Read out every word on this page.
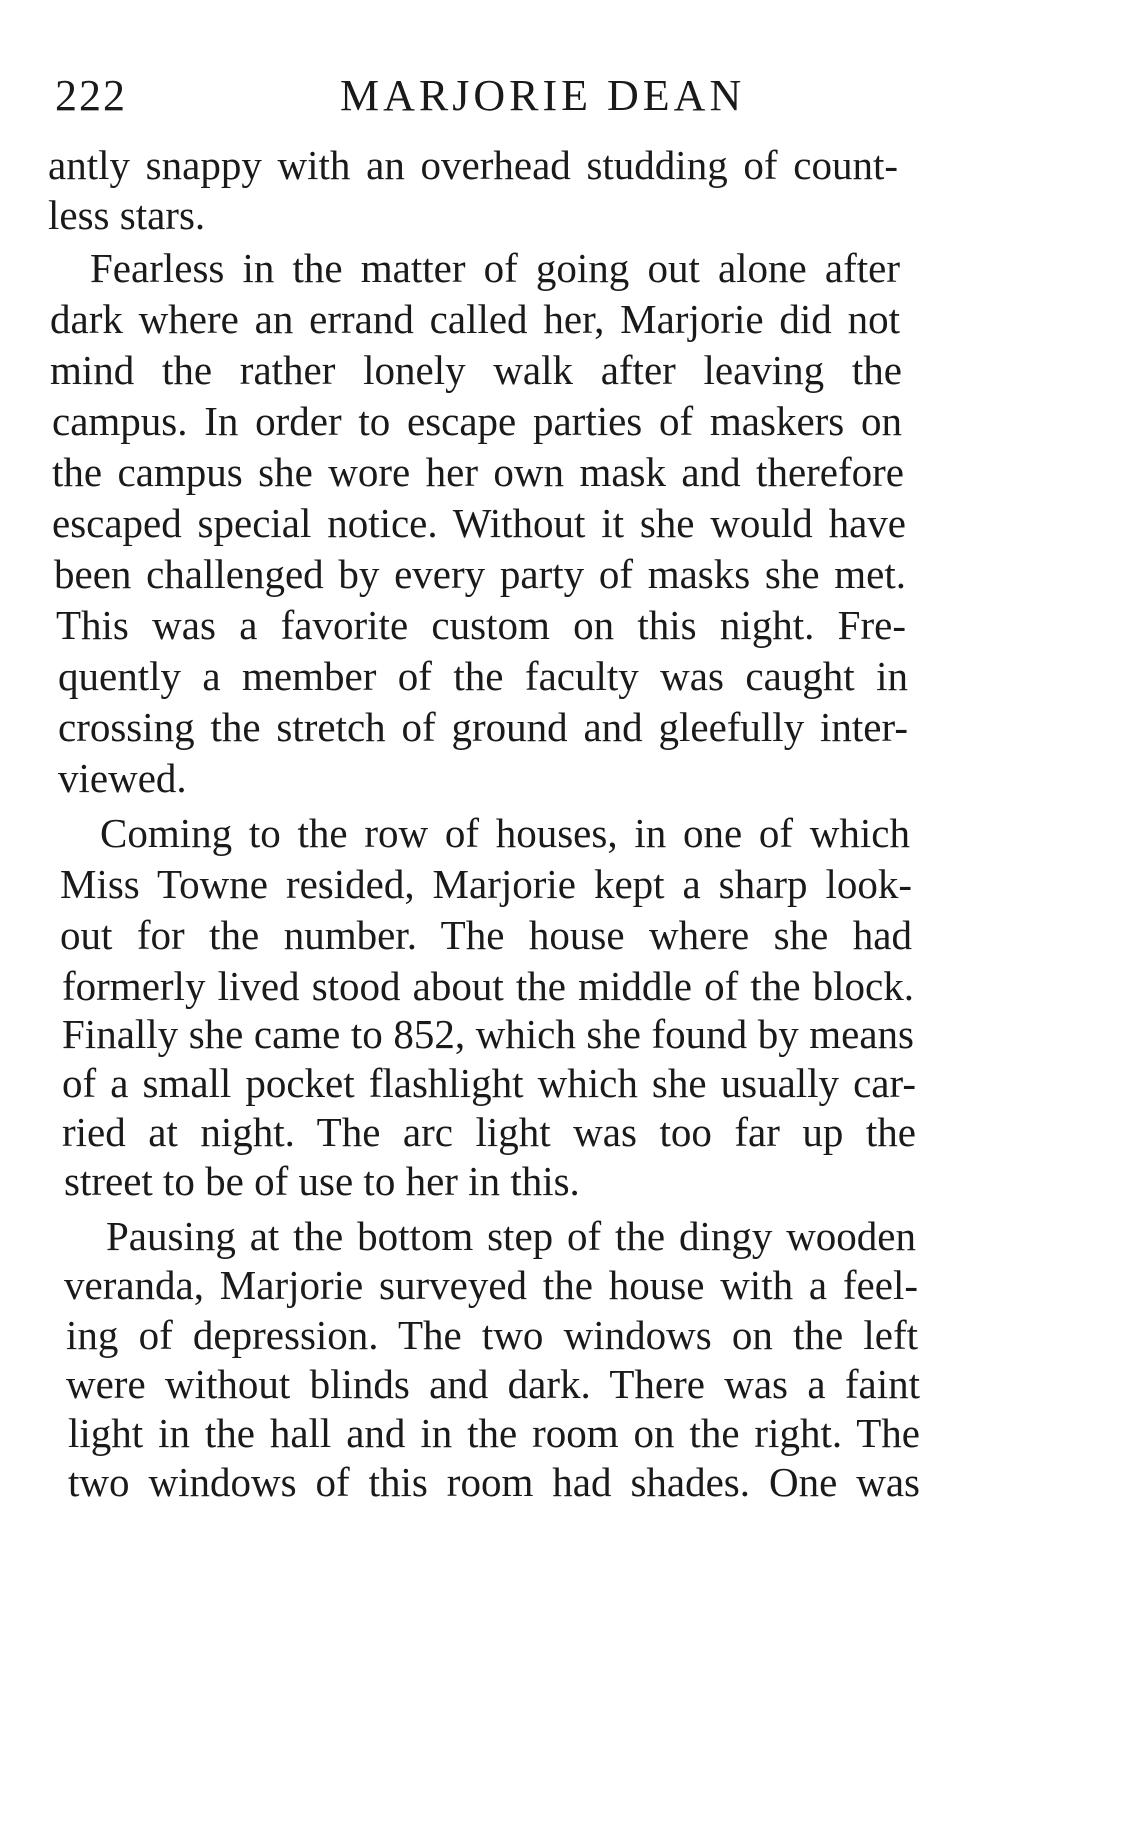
222	MARJORIE DEAN
antly snappy with an overhead studding of count-
less stars.
Fearless in the matter of going out alone after
dark where an errand called her, Marjorie did not
mind the rather lonely walk after leaving the
campus. In order to escape parties of maskers on
the campus she wore her own mask and therefore
escaped special notice. Without it she would have
been challenged by every party of masks she met.
This was a favorite custom on this night. Fre-
quently a member of the faculty was caught in
crossing the stretch of ground and gleefully inter-
viewed.
Coming to the row of houses, in one of which
Miss Towne resided, Marjorie kept a sharp look-
out for the number. The house where she had
formerly lived stood about the middle of the block.
Finally she came to 852, which she found by means
of a small pocket flashlight which she usually car-
ried at night. The arc light was too far up the
street to be of use to her in this.
Pausing at the bottom step of the dingy wooden
veranda, Marjorie surveyed the house with a feel-
ing of depression. The two windows on the left
were without blinds and dark. There was a faint
light in the hall and in the room on the right. The
two windows of this room had shades. One was
